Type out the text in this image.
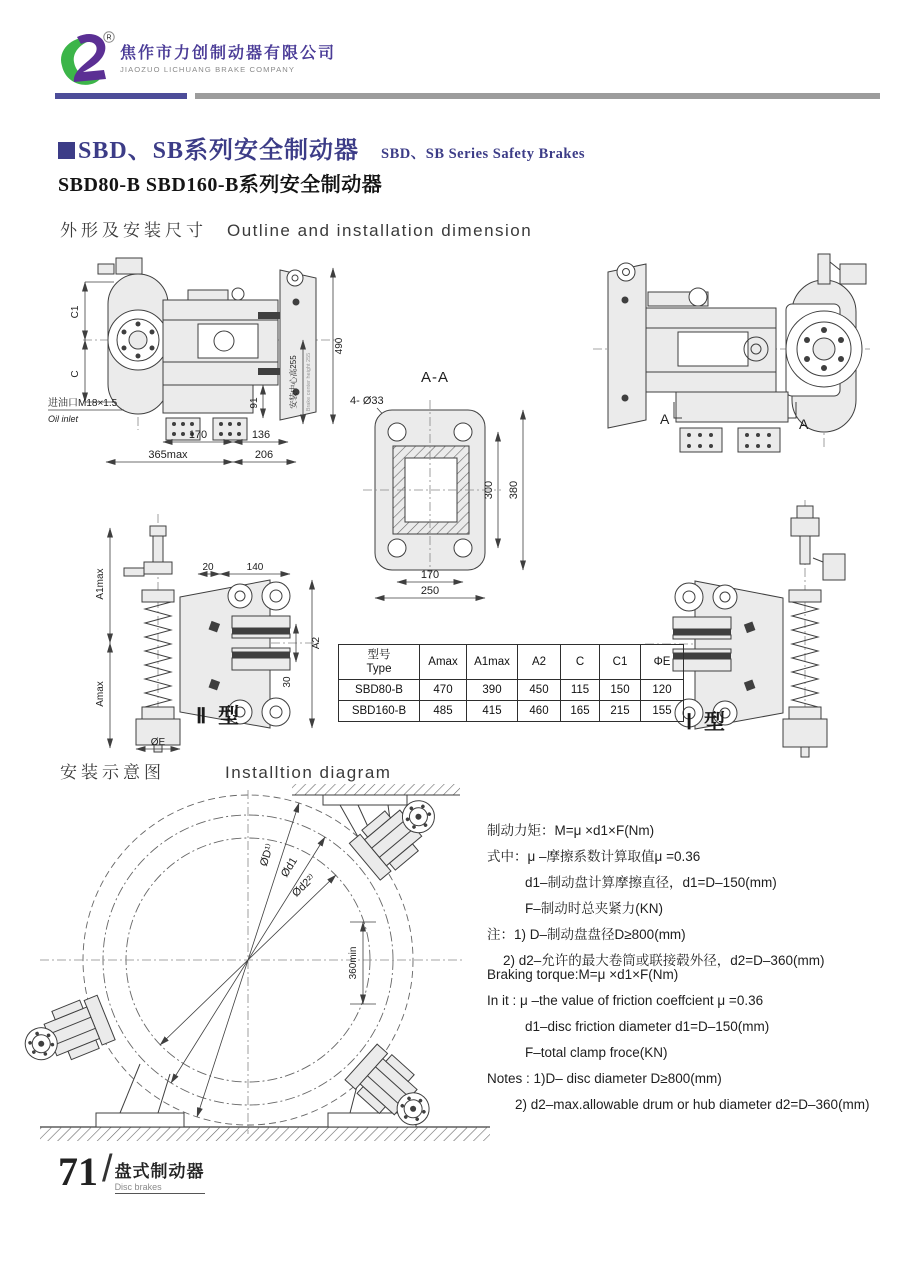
R
焦作市力创制动器有限公司
JIAOZUO LICHUANG BRAKE COMPANY
SBD、SB系列安全制动器 SBD、SB Series Safety Brakes
SBD80-B SBD160-B系列安全制动器
外形及安装尺寸 Outline and installation dimension
C1
C
490
安装中心高255 Brake center height 255
91
170	136
365max	206
进油口M18×1.5
Oil inlet
A-A
4- Ø33
300 380
170
250
A	A
20	140
A1max
Amax
A2
30
ØE
Ⅱ 型	Ⅰ 型
型号
Type	Amax	A1max	A2	C	C1	ΦE
SBD80-B	470	390	450	115	150	120
SBD160-B	485	415	460	165	215	155
安装示意图	Installtion diagram
ØD¹⁾ Ød1
Ød2²⁾
360min
制动力矩：M=μ ×d1×F(Nm)
式中：μ –摩擦系数计算取值μ =0.36
d1–制动盘计算摩擦直径，d1=D–150(mm)
F–制动时总夹紧力(KN)
注：1) D–制动盘盘径D≥800(mm)
2) d2–允许的最大卷筒或联接毂外径，d2=D–360(mm)
Braking torque:M=μ ×d1×F(Nm)
In it : μ –the value of friction coeffcient μ =0.36
d1–disc friction diameter d1=D–150(mm)
F–total clamp froce(KN)
Notes : 1)D– disc diameter D≥800(mm)
2) d2–max.allowable drum or hub diameter d2=D–360(mm)
71 / 盘式制动器
Disc brakes
